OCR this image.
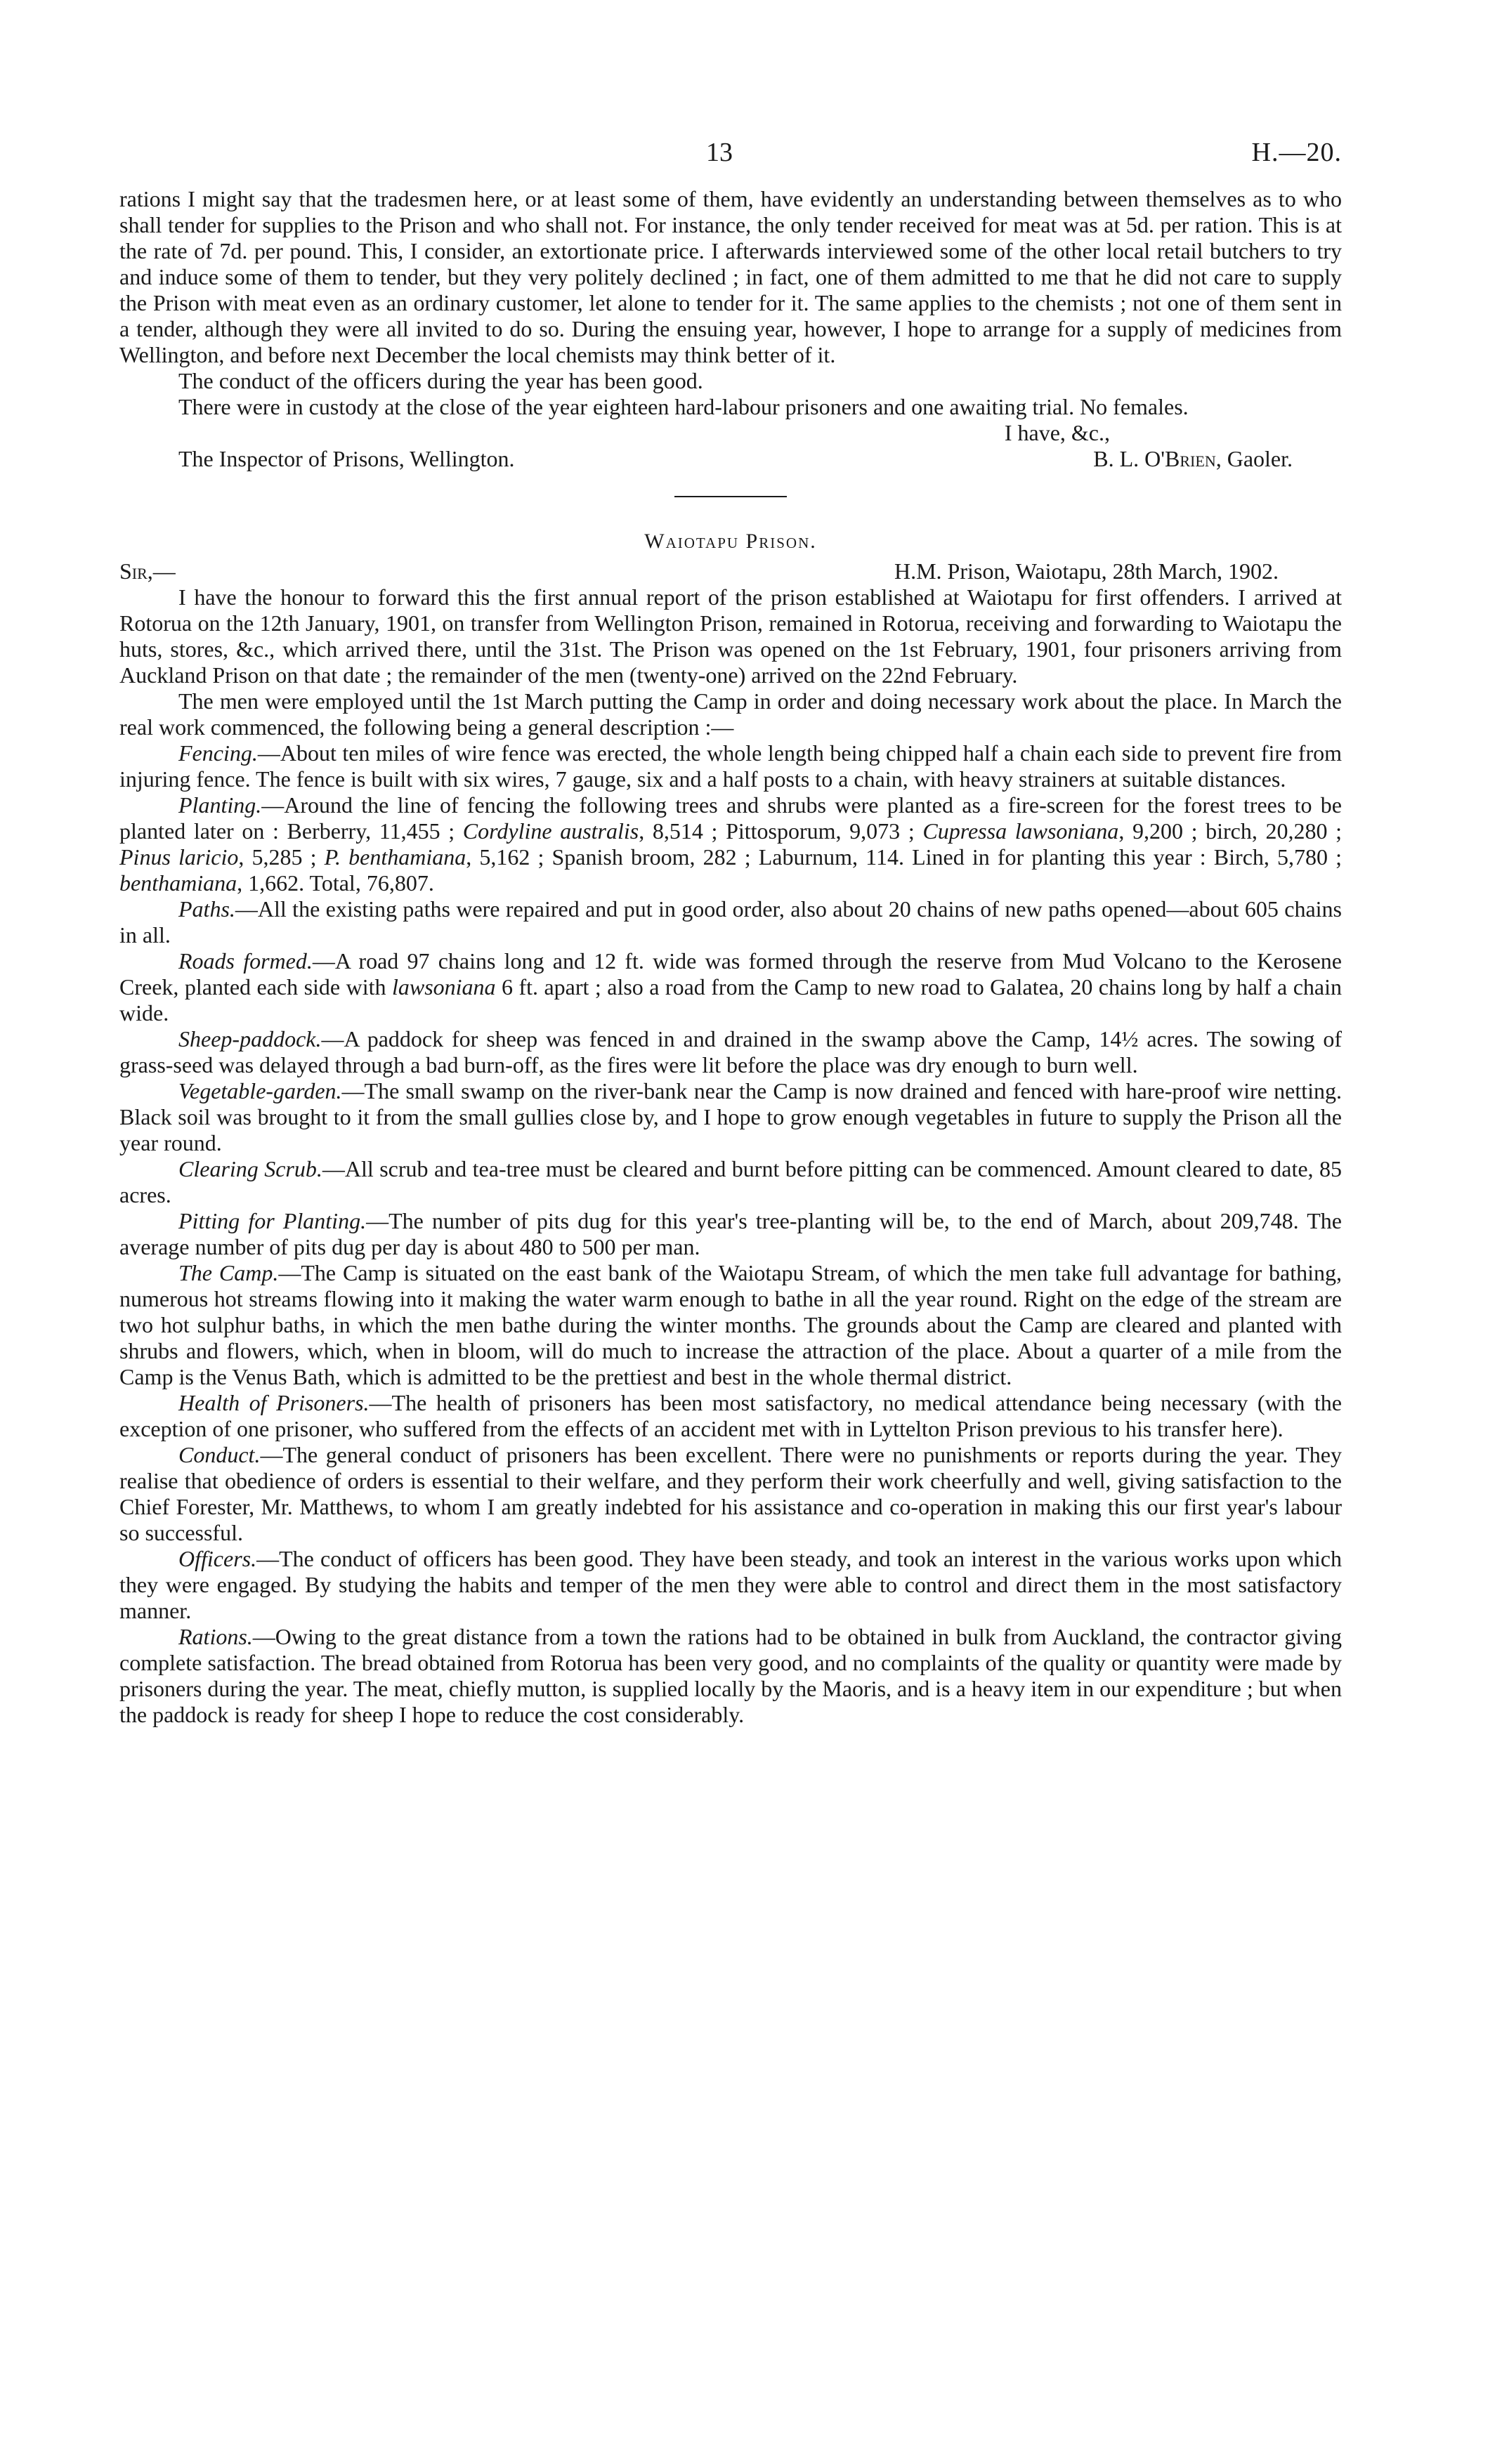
13	H.—20.

rations I might say that the tradesmen here, or at least some of them, have evidently an understanding between themselves as to who shall tender for supplies to the Prison and who shall not. For instance, the only tender received for meat was at 5d. per ration. This is at the rate of 7d. per pound. This, I consider, an extortionate price. I afterwards interviewed some of the other local retail butchers to try and induce some of them to tender, but they very politely declined ; in fact, one of them admitted to me that he did not care to supply the Prison with meat even as an ordinary customer, let alone to tender for it. The same applies to the chemists ; not one of them sent in a tender, although they were all invited to do so. During the ensuing year, however, I hope to arrange for a supply of medicines from Wellington, and before next December the local chemists may think better of it.

The conduct of the officers during the year has been good.

There were in custody at the close of the year eighteen hard-labour prisoners and one awaiting trial. No females.

I have, &c.,
The Inspector of Prisons, Wellington.	B. L. O'Brien, Gaoler.
Waiotapu Prison.
Sir,—	H.M. Prison, Waiotapu, 28th March, 1902.

I have the honour to forward this the first annual report of the prison established at Waiotapu for first offenders. I arrived at Rotorua on the 12th January, 1901, on transfer from Wellington Prison, remained in Rotorua, receiving and forwarding to Waiotapu the huts, stores, &c., which arrived there, until the 31st. The Prison was opened on the 1st February, 1901, four prisoners arriving from Auckland Prison on that date ; the remainder of the men (twenty-one) arrived on the 22nd February.

The men were employed until the 1st March putting the Camp in order and doing necessary work about the place. In March the real work commenced, the following being a general description :—

Fencing.—About ten miles of wire fence was erected, the whole length being chipped half a chain each side to prevent fire from injuring fence. The fence is built with six wires, 7 gauge, six and a half posts to a chain, with heavy strainers at suitable distances.

Planting.—Around the line of fencing the following trees and shrubs were planted as a fire-screen for the forest trees to be planted later on : Berberry, 11,455 ; Cordyline australis, 8,514 ; Pittosporum, 9,073 ; Cupressa lawsoniana, 9,200 ; birch, 20,280 ; Pinus laricio, 5,285 ; P. benthamiana, 5,162 ; Spanish broom, 282 ; Laburnum, 114. Lined in for planting this year : Birch, 5,780 ; benthamiana, 1,662. Total, 76,807.

Paths.—All the existing paths were repaired and put in good order, also about 20 chains of new paths opened—about 605 chains in all.

Roads formed.—A road 97 chains long and 12 ft. wide was formed through the reserve from Mud Volcano to the Kerosene Creek, planted each side with lawsoniana 6 ft. apart ; also a road from the Camp to new road to Galatea, 20 chains long by half a chain wide.

Sheep-paddock.—A paddock for sheep was fenced in and drained in the swamp above the Camp, 14½ acres. The sowing of grass-seed was delayed through a bad burn-off, as the fires were lit before the place was dry enough to burn well.

Vegetable-garden.—The small swamp on the river-bank near the Camp is now drained and fenced with hare-proof wire netting. Black soil was brought to it from the small gullies close by, and I hope to grow enough vegetables in future to supply the Prison all the year round.

Clearing Scrub.—All scrub and tea-tree must be cleared and burnt before pitting can be commenced. Amount cleared to date, 85 acres.

Pitting for Planting.—The number of pits dug for this year's tree-planting will be, to the end of March, about 209,748. The average number of pits dug per day is about 480 to 500 per man.

The Camp.—The Camp is situated on the east bank of the Waiotapu Stream, of which the men take full advantage for bathing, numerous hot streams flowing into it making the water warm enough to bathe in all the year round. Right on the edge of the stream are two hot sulphur baths, in which the men bathe during the winter months. The grounds about the Camp are cleared and planted with shrubs and flowers, which, when in bloom, will do much to increase the attraction of the place. About a quarter of a mile from the Camp is the Venus Bath, which is admitted to be the prettiest and best in the whole thermal district.

Health of Prisoners.—The health of prisoners has been most satisfactory, no medical attendance being necessary (with the exception of one prisoner, who suffered from the effects of an accident met with in Lyttelton Prison previous to his transfer here).

Conduct.—The general conduct of prisoners has been excellent. There were no punishments or reports during the year. They realise that obedience of orders is essential to their welfare, and they perform their work cheerfully and well, giving satisfaction to the Chief Forester, Mr. Matthews, to whom I am greatly indebted for his assistance and co-operation in making this our first year's labour so successful.

Officers.—The conduct of officers has been good. They have been steady, and took an interest in the various works upon which they were engaged. By studying the habits and temper of the men they were able to control and direct them in the most satisfactory manner.

Rations.—Owing to the great distance from a town the rations had to be obtained in bulk from Auckland, the contractor giving complete satisfaction. The bread obtained from Rotorua has been very good, and no complaints of the quality or quantity were made by prisoners during the year. The meat, chiefly mutton, is supplied locally by the Maoris, and is a heavy item in our expenditure ; but when the paddock is ready for sheep I hope to reduce the cost considerably.
